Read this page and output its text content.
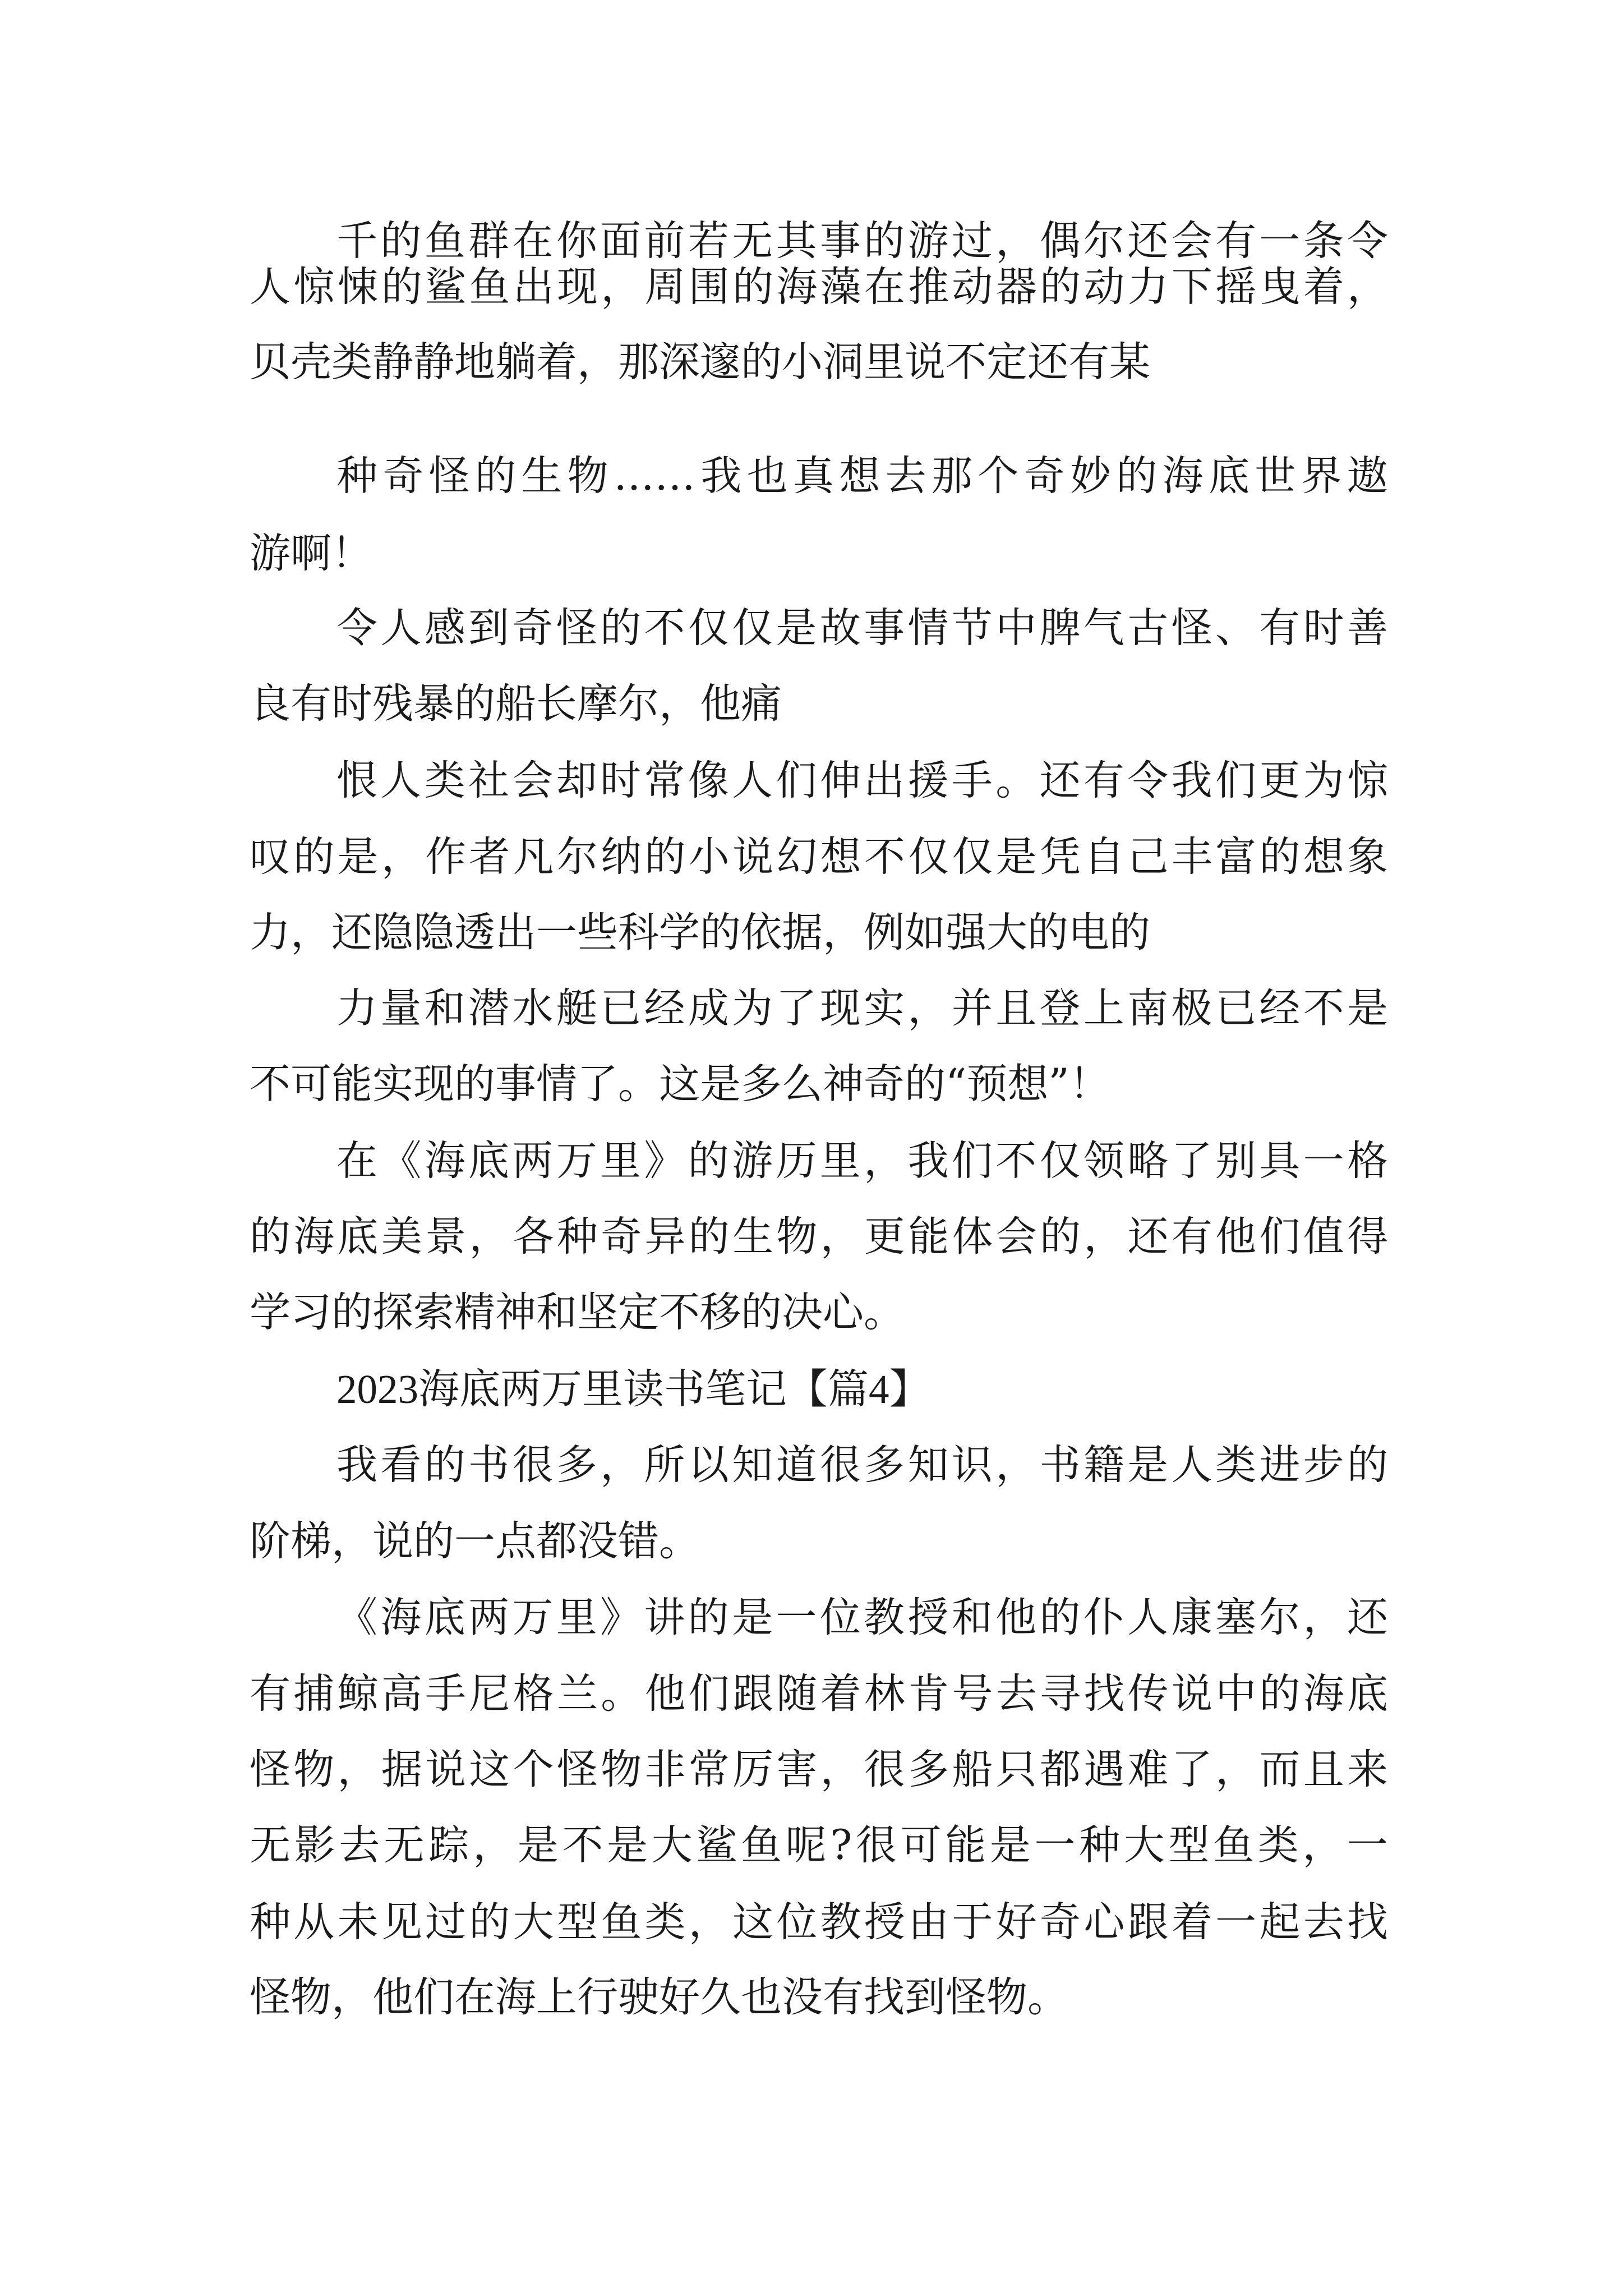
千的鱼群在你面前若无其事的游过，偶尔还会有一条令
人惊悚的鲨鱼出现，周围的海藻在推动器的动力下摇曳着，
贝壳类静静地躺着，那深邃的小洞里说不定还有某
种奇怪的生物……我也真想去那个奇妙的海底世界遨
游啊！
令人感到奇怪的不仅仅是故事情节中脾气古怪、有时善
良有时残暴的船长摩尔，他痛
恨人类社会却时常像人们伸出援手。还有令我们更为惊
叹的是，作者凡尔纳的小说幻想不仅仅是凭自己丰富的想象
力，还隐隐透出一些科学的依据，例如强大的电的
力量和潜水艇已经成为了现实，并且登上南极已经不是
不可能实现的事情了。这是多么神奇的“预想”！
在《海底两万里》的游历里，我们不仅领略了别具一格
的海底美景，各种奇异的生物，更能体会的，还有他们值得
学习的探索精神和坚定不移的决心。
2023海底两万里读书笔记【篇4】
我看的书很多，所以知道很多知识，书籍是人类进步的
阶梯，说的一点都没错。
《海底两万里》讲的是一位教授和他的仆人康塞尔，还
有捕鲸高手尼格兰。他们跟随着林肯号去寻找传说中的海底
怪物，据说这个怪物非常厉害，很多船只都遇难了，而且来
无影去无踪，是不是大鲨鱼呢?很可能是一种大型鱼类，一
种从未见过的大型鱼类，这位教授由于好奇心跟着一起去找
怪物，他们在海上行驶好久也没有找到怪物。
